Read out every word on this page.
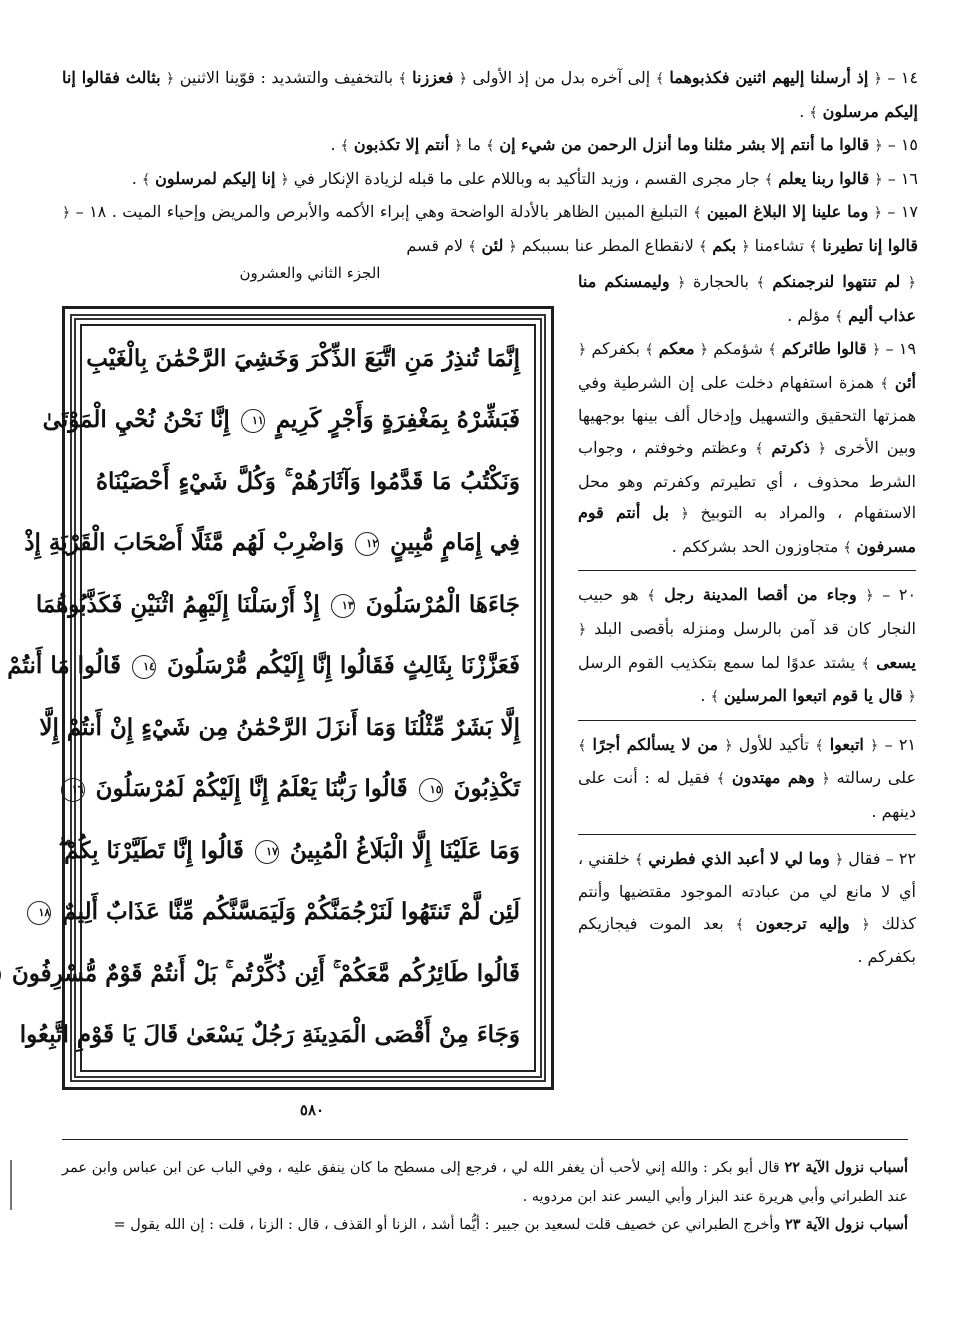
١٤ – ﴿ إذ أرسلنا إليهم اثنين فكذبوهما ﴾ إلى آخره بدل من إذ الأولى ﴿ فعززنا ﴾ بالتخفيف والتشديد : قوّينا الاثنين ﴿ بثالث فقالوا إنا إليكم مرسلون ﴾ .

١٥ – ﴿ قالوا ما أنتم إلا بشر مثلنا وما أنزل الرحمن من شيء إن ﴾ ما ﴿ أنتم إلا تكذبون ﴾ .

١٦ – ﴿ قالوا ربنا يعلم ﴾ جار مجرى القسم ، وزيد التأكيد به وباللام على ما قبله لزيادة الإنكار في ﴿ إنا إليكم لمرسلون ﴾ .

١٧ – ﴿ وما علينا إلا البلاغ المبين ﴾ التبليغ المبين الظاهر بالأدلة الواضحة وهي إبراء الأكمه والأبرص والمريض وإحياء الميت . ١٨ – ﴿ قالوا إنا تطيرنا ﴾ تشاءمنا ﴿ بكم ﴾ لانقطاع المطر عنا بسببكم ﴿ لئن ﴾ لام قسم

الجزء الثاني والعشرون
إِنَّمَا تُنذِرُ مَنِ اتَّبَعَ الذِّكْرَ وَخَشِيَ الرَّحْمَٰنَ بِالْغَيْبِ
فَبَشِّرْهُ بِمَغْفِرَةٍ وَأَجْرٍ كَرِيمٍ ١١ إِنَّا نَحْنُ نُحْيِ الْمَوْتَىٰ
وَنَكْتُبُ مَا قَدَّمُوا وَآثَارَهُمْ ۚ وَكُلَّ شَيْءٍ أَحْصَيْنَاهُ
فِي إِمَامٍ مُّبِينٍ ١٢ وَاضْرِبْ لَهُم مَّثَلًا أَصْحَابَ الْقَرْيَةِ إِذْ
جَاءَهَا الْمُرْسَلُونَ ١٣ إِذْ أَرْسَلْنَا إِلَيْهِمُ اثْنَيْنِ فَكَذَّبُوهُمَا
فَعَزَّزْنَا بِثَالِثٍ فَقَالُوا إِنَّا إِلَيْكُم مُّرْسَلُونَ ١٤ قَالُوا مَا أَنتُمْ
إِلَّا بَشَرٌ مِّثْلُنَا وَمَا أَنزَلَ الرَّحْمَٰنُ مِن شَيْءٍ إِنْ أَنتُمْ إِلَّا
تَكْذِبُونَ ١٥ قَالُوا رَبُّنَا يَعْلَمُ إِنَّا إِلَيْكُمْ لَمُرْسَلُونَ ١٦
وَمَا عَلَيْنَا إِلَّا الْبَلَاغُ الْمُبِينُ ١٧ قَالُوا إِنَّا تَطَيَّرْنَا بِكُمْ ۖ
لَئِن لَّمْ تَنتَهُوا لَنَرْجُمَنَّكُمْ وَلَيَمَسَّنَّكُم مِّنَّا عَذَابٌ أَلِيمٌ ١٨
قَالُوا طَائِرُكُم مَّعَكُمْ ۚ أَئِن ذُكِّرْتُم ۚ بَلْ أَنتُمْ قَوْمٌ مُّسْرِفُونَ
وَجَاءَ مِنْ أَقْصَى الْمَدِينَةِ رَجُلٌ يَسْعَىٰ قَالَ يَا قَوْمِ اتَّبِعُوا

﴿ لم تنتهوا لنرجمنكم ﴾ بالحجارة ﴿ وليمسنكم منا عذاب أليم ﴾ مؤلم .

١٩ – ﴿ قالوا طائركم ﴾ شؤمكم ﴿ معكم ﴾ بكفركم ﴿ أئن ﴾ همزة استفهام دخلت على إن الشرطية وفي همزتها التحقيق والتسهيل وإدخال ألف بينها بوجهيها وبين الأخرى ﴿ ذكرتم ﴾ وعظتم وخوفتم ، وجواب الشرط محذوف ، أي تطيرتم وكفرتم وهو محل الاستفهام ، والمراد به التوبيخ ﴿ بل أنتم قوم مسرفون ﴾ متجاوزون الحد بشرككم .

٢٠ – ﴿ وجاء من أقصا المدينة رجل ﴾ هو حبيب النجار كان قد آمن بالرسل ومنزله بأقصى البلد ﴿ يسعى ﴾ يشتد عدوًا لما سمع بتكذيب القوم الرسل ﴿ قال يا قوم اتبعوا المرسلين ﴾ .

٢١ – ﴿ اتبعوا ﴾ تأكيد للأول ﴿ من لا يسألكم أجرًا ﴾ على رسالته ﴿ وهم مهتدون ﴾ فقيل له : أنت على دينهم .

٢٢ – فقال ﴿ وما لي لا أعبد الذي فطرني ﴾ خلقني ، أي لا مانع لي من عبادته الموجود مقتضيها وأنتم كذلك ﴿ وإليه ترجعون ﴾ بعد الموت فيجازيكم بكفركم .

٥٨٠

أسباب نزول الآية ٢٢ قال أبو بكر : والله إني لأحب أن يغفر الله لي ، فرجع إلى مسطح ما كان ينفق عليه ، وفي الباب عن ابن عباس وابن عمر عند الطبراني وأبي هريرة عند البزار وأبي اليسر عند ابن مردويه .

أسباب نزول الآية ٢٣ وأخرج الطبراني عن خصيف قلت لسعيد بن جبير : أيُّما أشد ، الزنا أو القذف ، قال : الزنا ، قلت : إن الله يقول =
